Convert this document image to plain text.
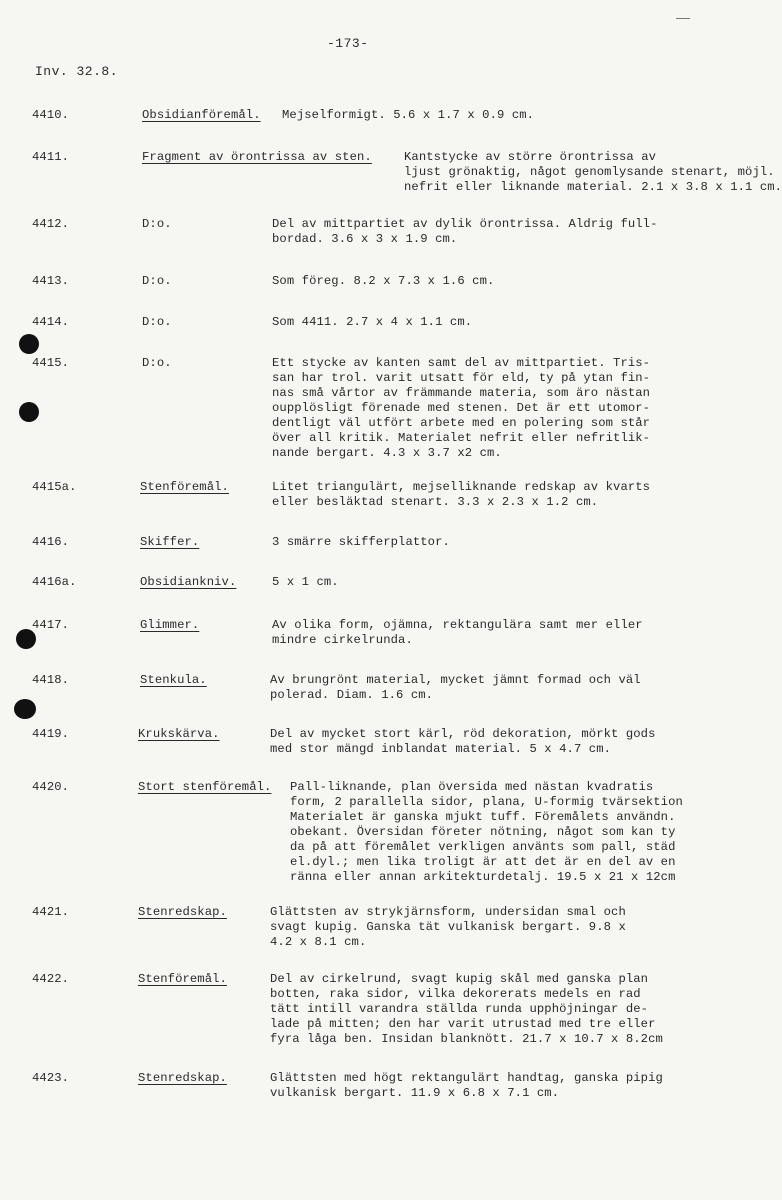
-173-
Inv. 32.8.
4410.	Obsidianföremål. Mejselformigt. 5.6 x 1.7 x 0.9 cm.
4411.	Fragment av örontrissa av sten.	Kantstycke av större örontrissa av
ljust grönaktig, något genomlysande stenart, möjl.
nefrit eller liknande material. 2.1 x 3.8 x 1.1 cm.
4412.	D:o.	Del av mittpartiet av dylik örontrissa. Aldrig full-
bordad. 3.6 x 3 x 1.9 cm.
4413.	D:o.	Som föreg. 8.2 x 7.3 x 1.6 cm.
4414.	D:o.	Som 4411. 2.7 x 4 x 1.1 cm.
4415.	D:o.	Ett stycke av kanten samt del av mittpartiet. Tris-
san har trol. varit utsatt för eld, ty på ytan fin-
nas små vårtor av främmande materia, som äro nästan
oupplösligt förenade med stenen. Det är ett utomor-
dentligt väl utfört arbete med en polering som står
över all kritik. Materialet nefrit eller nefritlik-
nande bergart. 4.3 x 3.7 x2 cm.
4415a.	Stenföremål.	Litet triangulärt, mejselliknande redskap av kvarts
eller besläktad stenart. 3.3 x 2.3 x 1.2 cm.
4416.	Skiffer.	3 smärre skifferplattor.
4416a.	Obsidiankniv.	5 x 1 cm.
4417.	Glimmer.	Av olika form, ojämna, rektangulära samt mer eller
mindre cirkelrunda.
4418.	Stenkula.	Av brungrönt material, mycket jämnt formad och väl
polerad. Diam. 1.6 cm.
4419.	Krukskärva.	Del av mycket stort kärl, röd dekoration, mörkt gods
med stor mängd inblandat material. 5 x 4.7 cm.
4420.	Stort stenföremål. Pall-liknande, plan översida med nästan kvadratis
form, 2 parallella sidor, plana, U-formig tvärsektion
Materialet är ganska mjukt tuff. Föremålets användn.
obekant. Översidan företer nötning, något som kan ty
da på att föremålet verkligen använts som pall, städ
el.dyl.; men lika troligt är att det är en del av en
ränna eller annan arkitekturdetalj. 19.5 x 21 x 12cm
4421.	Stenredskap.	Glättsten av strykjärnsform, undersidan smal och
svagt kupig. Ganska tät vulkanisk bergart. 9.8 x
4.2 x 8.1 cm.
4422.	Stenföremål.	Del av cirkelrund, svagt kupig skål med ganska plan
botten, raka sidor, vilka dekorerats medels en rad
tätt intill varandra ställda runda upphöjningar de-
lade på mitten; den har varit utrustad med tre eller
fyra låga ben. Insidan blanknött. 21.7 x 10.7 x 8.2cm
4423.	Stenredskap.	Glättsten med högt rektangulärt handtag, ganska pipig
vulkanisk bergart. 11.9 x 6.8 x 7.1 cm.
